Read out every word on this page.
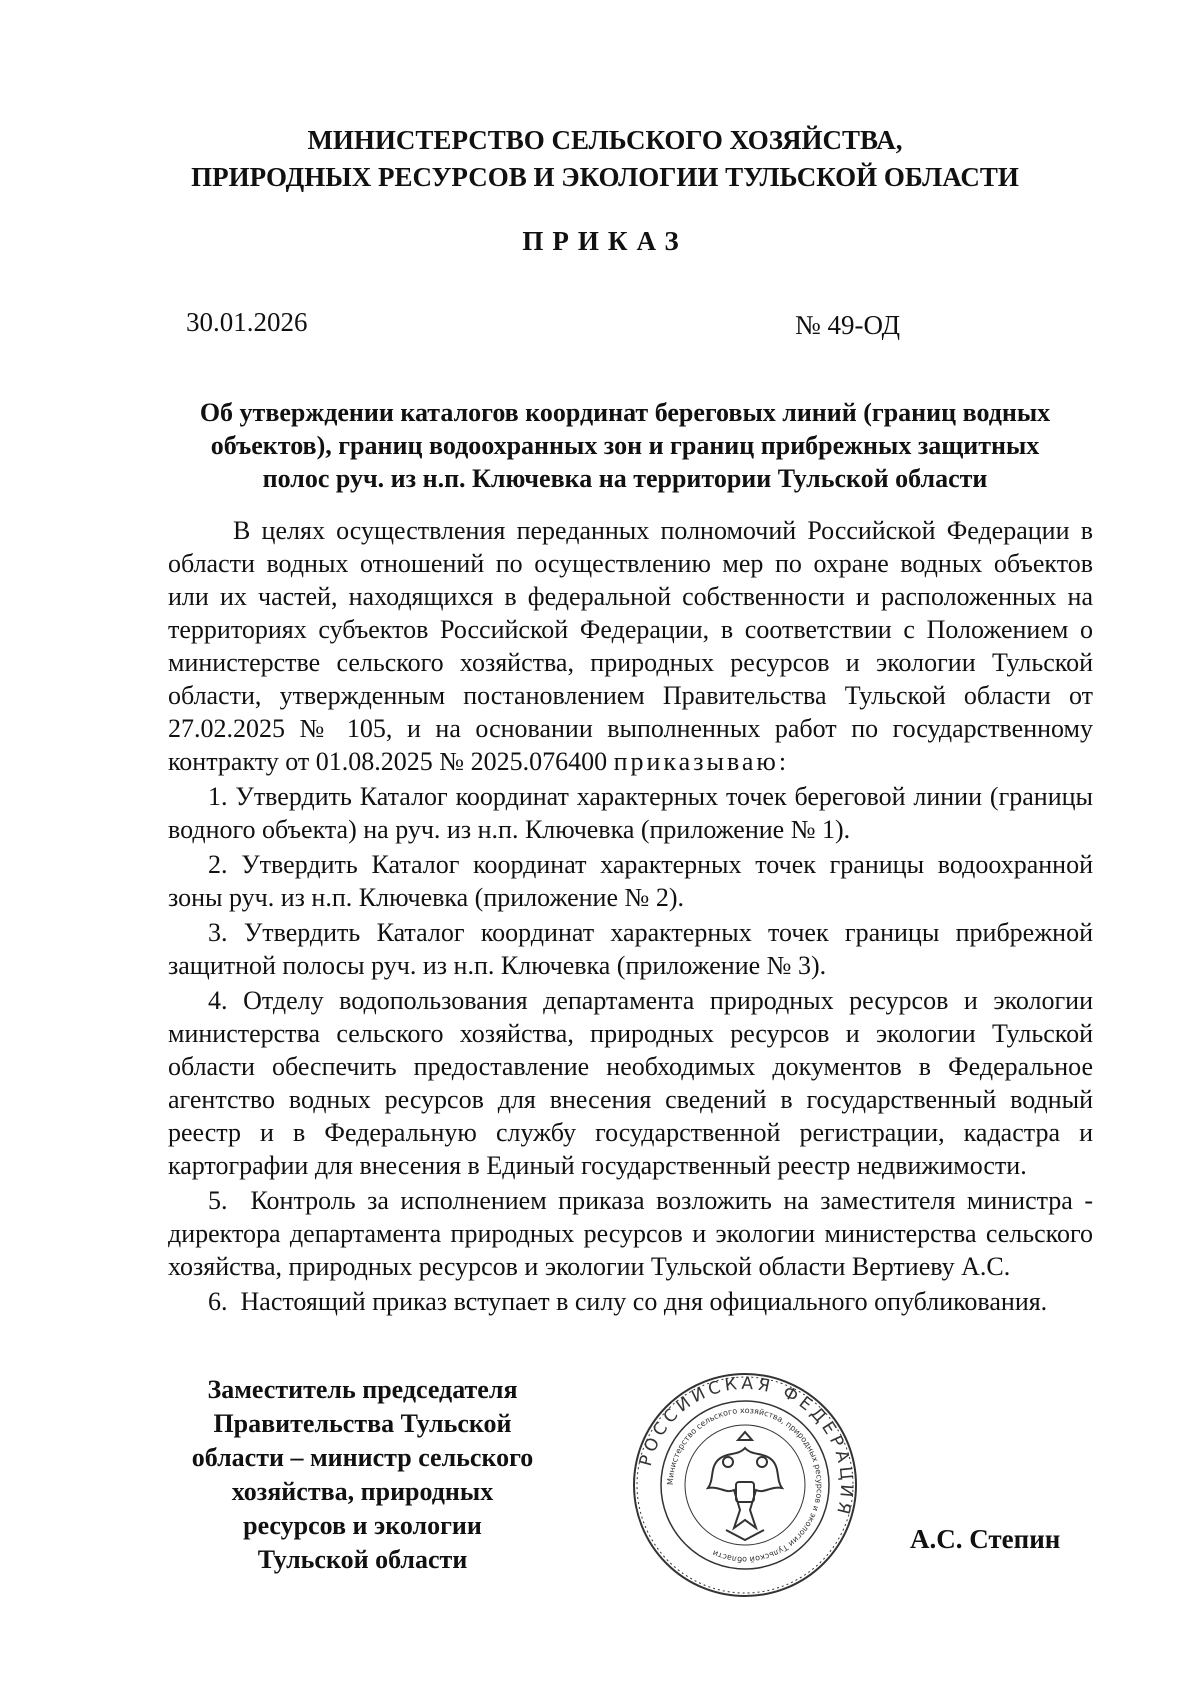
МИНИСТЕРСТВО СЕЛЬСКОГО ХОЗЯЙСТВА,
ПРИРОДНЫХ РЕСУРСОВ И ЭКОЛОГИИ ТУЛЬСКОЙ ОБЛАСТИ
ПРИКАЗ
30.01.2026	№ 49-ОД
Об утверждении каталогов координат береговых линий (границ водных
объектов), границ водоохранных зон и границ прибрежных защитных
полос руч. из н.п. Ключевка на территории Тульской области

В целях осуществления переданных полномочий Российской Федерации в области водных отношений по осуществлению мер по охране водных объектов или их частей, находящихся в федеральной собственности и расположенных на территориях субъектов Российской Федерации, в соответствии с Положением о министерстве сельского хозяйства, природных ресурсов и экологии Тульской области, утвержденным постановлением Правительства Тульской области от 27.02.2025 № 105, и на основании выполненных работ по государственному контракту от 01.08.2025 № 2025.076400 приказываю:

1. Утвердить Каталог координат характерных точек береговой линии (границы водного объекта) на руч. из н.п. Ключевка (приложение № 1).

2. Утвердить Каталог координат характерных точек границы водоохранной зоны руч. из н.п. Ключевка (приложение № 2).

3. Утвердить Каталог координат характерных точек границы прибрежной защитной полосы руч. из н.п. Ключевка (приложение № 3).

4. Отделу водопользования департамента природных ресурсов и экологии министерства сельского хозяйства, природных ресурсов и экологии Тульской области обеспечить предоставление необходимых документов в Федеральное агентство водных ресурсов для внесения сведений в государственный водный реестр и в Федеральную службу государственной регистрации, кадастра и картографии для внесения в Единый государственный реестр недвижимости.

5. Контроль за исполнением приказа возложить на заместителя министра - директора департамента природных ресурсов и экологии министерства сельского хозяйства, природных ресурсов и экологии Тульской области Вертиеву А.С.

6. Настоящий приказ вступает в силу со дня официального опубликования.

Заместитель председателя
Правительства Тульской
области – министр сельского
хозяйства, природных
ресурсов и экологии
Тульской области
РОССИЙСКАЯ ФЕДЕРАЦИЯ
Министерство сельского хозяйства, природных ресурсов и экологии Тульской области	А.С. Степин
